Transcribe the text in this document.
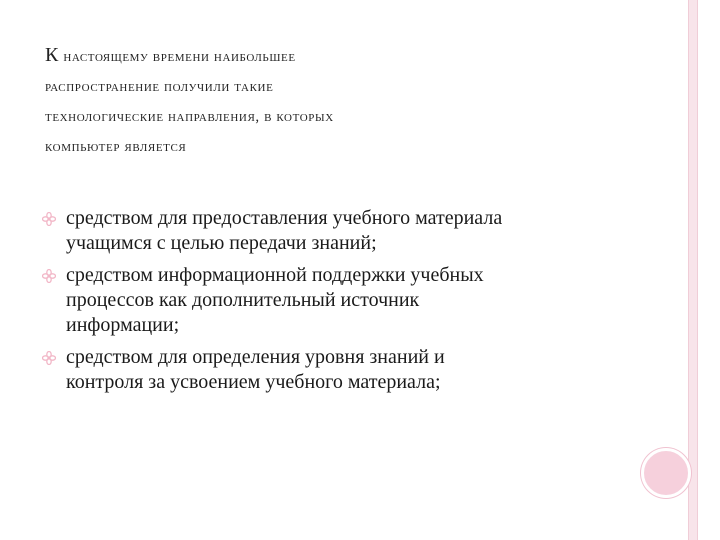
К настоящему времени наибольшее
распространение получили такие
технологические направления, в которых
компьютер является
средством для предоставления учебного материала
учащимся с целью передачи знаний;
средством информационной поддержки учебных
процессов как дополнительный источник
информации;
средством для определения уровня знаний и
контроля за усвоением учебного материала;
